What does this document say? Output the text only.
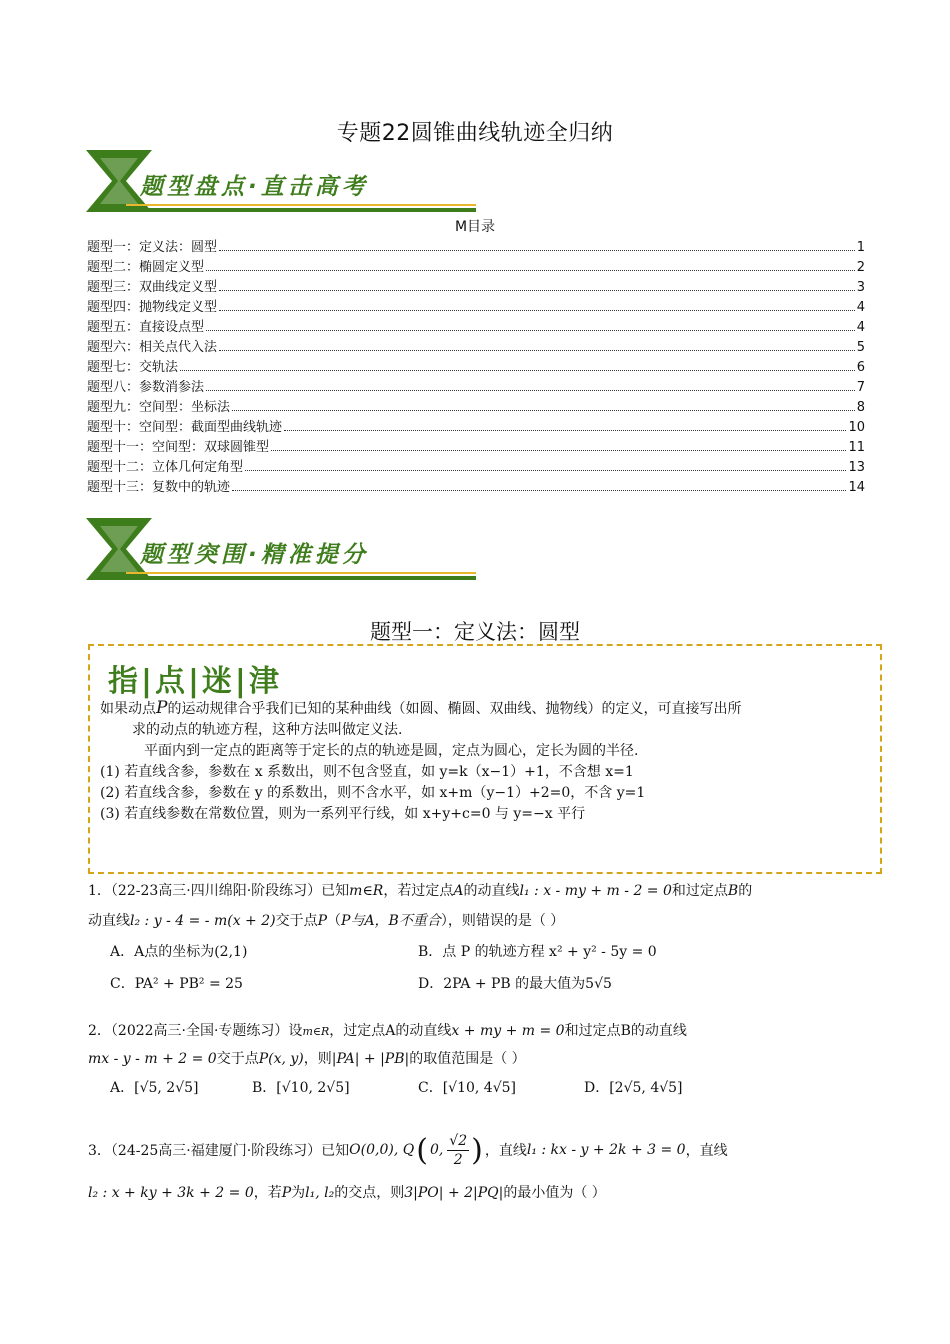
专题22圆锥曲线轨迹全归纳
题型盘点·直击高考
M目录
题型一：定义法：圆型	1
题型二：椭圆定义型	2
题型三：双曲线定义型	3
题型四：抛物线定义型	4
题型五：直接设点型	4
题型六：相关点代入法	5
题型七：交轨法	6
题型八：参数消参法	7
题型九：空间型：坐标法	8
题型十：空间型：截面型曲线轨迹	10
题型十一：空间型：双球圆锥型	11
题型十二：立体几何定角型	13
题型十三：复数中的轨迹	14
题型突围·精准提分
题型一：定义法：圆型
指|点|迷|津
如果动点P的运动规律合乎我们已知的某种曲线（如圆、椭圆、双曲线、抛物线）的定义，可直接写出所
求的动点的轨迹方程，这种方法叫做定义法.
平面内到一定点的距离等于定长的点的轨迹是圆，定点为圆心，定长为圆的半径.
(1) 若直线含参，参数在 x 系数出，则不包含竖直，如 y=k（x−1）+1，不含想 x=1
(2) 若直线含参，参数在 y 的系数出，则不含水平，如 x+m（y−1）+2=0，不含 y=1
(3) 若直线参数在常数位置，则为一系列平行线，如 x+y+c=0 与 y=−x 平行
1．（22-23高三·四川绵阳·阶段练习）已知m∈R，若过定点A的动直线l₁ : x - my + m - 2 = 0和过定点B的
动直线l₂ : y - 4 = - m(x + 2)交于点P（P与A，B不重合），则错误的是（ ）
A．A点的坐标为(2,1)	B．点 P 的轨迹方程 x² + y² - 5y = 0
C．PA² + PB² = 25	D．2PA + PB 的最大值为5√5
2．（2022高三·全国·专题练习）设m∈R，过定点A的动直线x + my + m = 0和过定点B的动直线
mx - y - m + 2 = 0交于点P(x, y)，则|PA| + |PB|的取值范围是（ ）
A．[√5, 2√5]	B．[√10, 2√5]	C．[√10, 4√5]	D．[2√5, 4√5]
3．（24-25高三·福建厦门·阶段练习）已知 O(0,0), Q ( 0,
√2
2 ) ，直线 l₁ : kx - y + 2k + 3 = 0 ，直线
l₂ : x + ky + 3k + 2 = 0，若P为l₁, l₂的交点，则3|PO| + 2|PQ|的最小值为（ ）
